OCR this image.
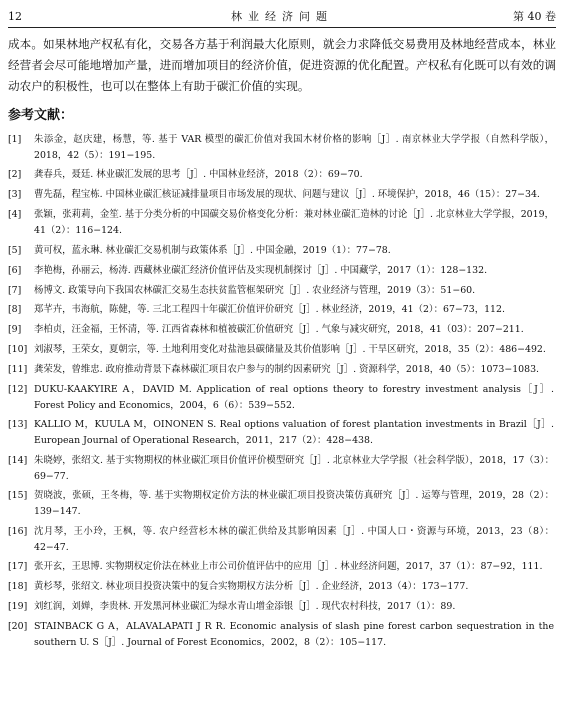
12	林业经济问题	第 40 卷

成本。如果林地产权私有化，交易各方基于利润最大化原则，就会力求降低交易费用及林地经营成本，林业经营者会尽可能地增加产量，进而增加项目的经济价值，促进资源的优化配置。产权私有化既可以有效的调动农户的积极性，也可以在整体上有助于碳汇价值的实现。

参考文献：

[1] 朱添金，赵庆建，杨慧，等. 基于 VAR 模型的碳汇价值对我国木材价格的影响［J］. 南京林业大学学报（自然科学版），2018，42（5）：191−195.

[2] 龚春兵，聂廷. 林业碳汇发展的思考［J］. 中国林业经济，2018（2）：69−70.

[3] 曹先磊，程宝栋. 中国林业碳汇核证减排量项目市场发展的现状、问题与建议［J］. 环境保护，2018，46（15）：27−34.

[4] 张颖，张莉莉，金笙. 基于分类分析的中国碳交易价格变化分析：兼对林业碳汇造林的讨论［J］. 北京林业大学学报，2019，41（2）：116−124.

[5] 黄可权，蓝永琳. 林业碳汇交易机制与政策体系［J］. 中国金融，2019（1）：77−78.

[6] 李艳梅，孙丽云，杨涛. 西藏林业碳汇经济价值评估及实现机制探讨［J］. 中国藏学，2017（1）：128−132.

[7] 杨博文. 政策导向下我国农林碳汇交易生态扶贫监管框架研究［J］. 农业经济与管理，2019（3）：51−60.

[8] 郑芊卉，韦海航，陈健，等. 三北工程四十年碳汇价值评价研究［J］. 林业经济，2019，41（2）：67−73，112.

[9] 李柏贞，汪金福，王怀清，等. 江西省森林和植被碳汇价值研究［J］. 气象与减灾研究，2018，41（03）：207−211.

[10] 刘淑琴，王荣女，夏朝宗，等. 土地利用变化对盐池县碳储量及其价值影响［J］. 干旱区研究，2018，35（2）：486−492.

[11] 龚荣发，曾维忠. 政府推动背景下森林碳汇项目农户参与的制约因素研究［J］. 资源科学，2018，40（5）：1073−1083.

[12] DUKU-KAAKYIRE A，DAVID M. Application of real options theory to forestry investment analysis［J］. Forest Policy and Economics，2004，6（6）：539−552.

[13] KALLIO M，KUULA M，OINONEN S. Real options valuation of forest plantation investments in Brazil［J］. European Journal of Operational Research，2011，217（2）：428−438.

[14] 朱晓婷，张绍文. 基于实物期权的林业碳汇项目价值评价模型研究［J］. 北京林业大学学报（社会科学版），2018，17（3）：69−77.

[15] 贺晓波，张硕，王冬梅，等. 基于实物期权定价方法的林业碳汇项目投资决策仿真研究［J］. 运筹与管理，2019，28（2）：139−147.

[16] 沈月琴，王小玲，王枫，等. 农户经营杉木林的碳汇供给及其影响因素［J］. 中国人口・资源与环境，2013，23（8）：42−47.

[17] 张开玄，王思博. 实物期权定价法在林业上市公司价值评估中的应用［J］. 林业经济问题，2017，37（1）：87−92，111.

[18] 黄杉琴，张绍文. 林业项目投资决策中的复合实物期权方法分析［J］. 企业经济，2013（4）：173−177.

[19] 刘红润，刘婵，李贵林. 开发黑河林业碳汇为绿水青山增金添银［J］. 现代农村科技，2017（1）：89.

[20] STAINBACK G A，ALAVALAPATI J R R. Economic analysis of slash pine forest carbon sequestration in the southern U. S［J］. Journal of Forest Economics，2002，8（2）：105−117.
